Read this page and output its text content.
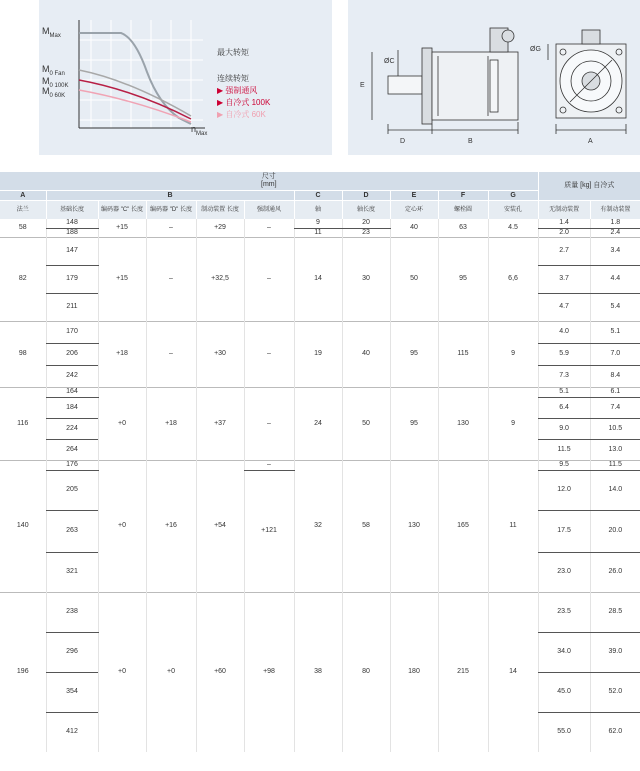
$M_{Max}$
$M_{0 Fan}$
$M_{0 100K}$
$M_{0 60K}$
$n_{Max}$
最大转矩
连续转矩
▶ 强制通风
▶ 自冷式 100K
▶ 自冷式 60K
ØC
E
D	B
ØG
A
尺寸
[mm]											质量 [kg] 自冷式	
A	B					C	D	E	F	G		
法兰	基础长度	编码器 "C" 长度	编码器 "D" 长度	制动装置 长度	强制通风	轴	轴长度	定心环	螺栓圆	安装孔	无制动装置	有制动装置
58	148	+15	–	+29	–	9	20	40	63	4.5	1.4	1.8
	188					11	23				2.0	2.4
82	147	+15	–	+32,5	–	14	30	50	95	6,6	2.7	3.4
	179										3.7	4.4
	211										4.7	5.4
98	170	+18	–	+30	–	19	40	95	115	9	4.0	5.1
	206										5.9	7.0
	242										7.3	8.4
116	164	+0	+18	+37	–	24	50	95	130	9	5.1	6.1
	184										6.4	7.4
	224										9.0	10.5
	264										11.5	13.0
140	176	+0	+16	+54	–	32	58	130	165	11	9.5	11.5
	205				+121						12.0	14.0
	263										17.5	20.0
	321										23.0	26.0
196	238	+0	+0	+60	+98	38	80	180	215	14	23.5	28.5
	296										34.0	39.0
	354										45.0	52.0
	412										55.0	62.0
